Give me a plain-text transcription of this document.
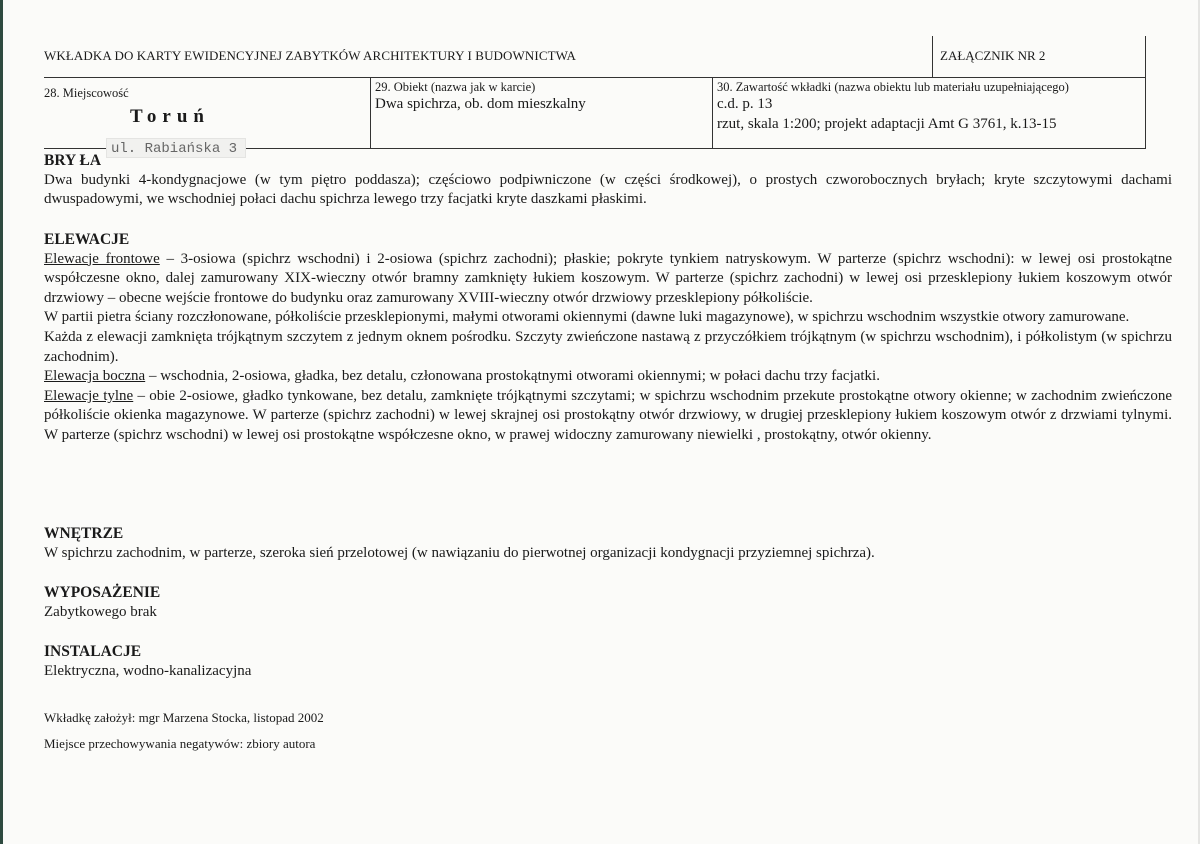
WKŁADKA DO KARTY EWIDENCYJNEJ ZABYTKÓW ARCHITEKTURY I BUDOWNICTWA	ZAŁĄCZNIK NR 2
28. Miejscowość
Toruń
ul. Rabiańska 3
29. Obiekt (nazwa jak w karcie)
Dwa spichrza, ob. dom mieszkalny
30. Zawartość wkładki (nazwa obiektu lub materiału uzupełniającego)
c.d. p. 13
rzut, skala 1:200; projekt adaptacji Amt G 3761, k.13-15
BRY ŁA

Dwa budynki 4-kondygnacjowe (w tym piętro poddasza); częściowo podpiwniczone (w części środkowej), o prostych czworobocznych bryłach; kryte szczytowymi dachami dwuspadowymi, we wschodniej połaci dachu spichrza lewego trzy facjatki kryte daszkami płaskimi.

ELEWACJE

Elewacje frontowe – 3-osiowa (spichrz wschodni) i 2-osiowa (spichrz zachodni); płaskie; pokryte tynkiem natryskowym. W parterze (spichrz wschodni): w lewej osi prostokątne współczesne okno, dalej zamurowany XIX-wieczny otwór bramny zamknięty łukiem koszowym. W parterze (spichrz zachodni) w lewej osi przesklepiony łukiem koszowym otwór drzwiowy – obecne wejście frontowe do budynku oraz zamurowany XVIII-wieczny otwór drzwiowy przesklepiony półkoliście.

W partii pietra ściany rozczłonowane, półkoliście przesklepionymi, małymi otworami okiennymi (dawne luki magazynowe), w spichrzu wschodnim wszystkie otwory zamurowane.

Każda z elewacji zamknięta trójkątnym szczytem z jednym oknem pośrodku. Szczyty zwieńczone nastawą z przyczółkiem trójkątnym (w spichrzu wschodnim), i półkolistym (w spichrzu zachodnim).

Elewacja boczna – wschodnia, 2-osiowa, gładka, bez detalu, członowana prostokątnymi otworami okiennymi; w połaci dachu trzy facjatki.

Elewacje tylne – obie 2-osiowe, gładko tynkowane, bez detalu, zamknięte trójkątnymi szczytami; w spichrzu wschodnim przekute prostokątne otwory okienne; w zachodnim zwieńczone półkoliście okienka magazynowe. W parterze (spichrz zachodni) w lewej skrajnej osi prostokątny otwór drzwiowy, w drugiej przesklepiony łukiem koszowym otwór z drzwiami tylnymi. W parterze (spichrz wschodni) w lewej osi prostokątne współczesne okno, w prawej widoczny zamurowany niewielki , prostokątny, otwór okienny.

WNĘTRZE

W spichrzu zachodnim, w parterze, szeroka sień przelotowej (w nawiązaniu do pierwotnej organizacji kondygnacji przyziemnej spichrza).

WYPOSAŻENIE

Zabytkowego brak

INSTALACJE

Elektryczna, wodno-kanalizacyjna

Wkładkę założył: mgr Marzena Stocka, listopad 2002
Miejsce przechowywania negatywów: zbiory autora
